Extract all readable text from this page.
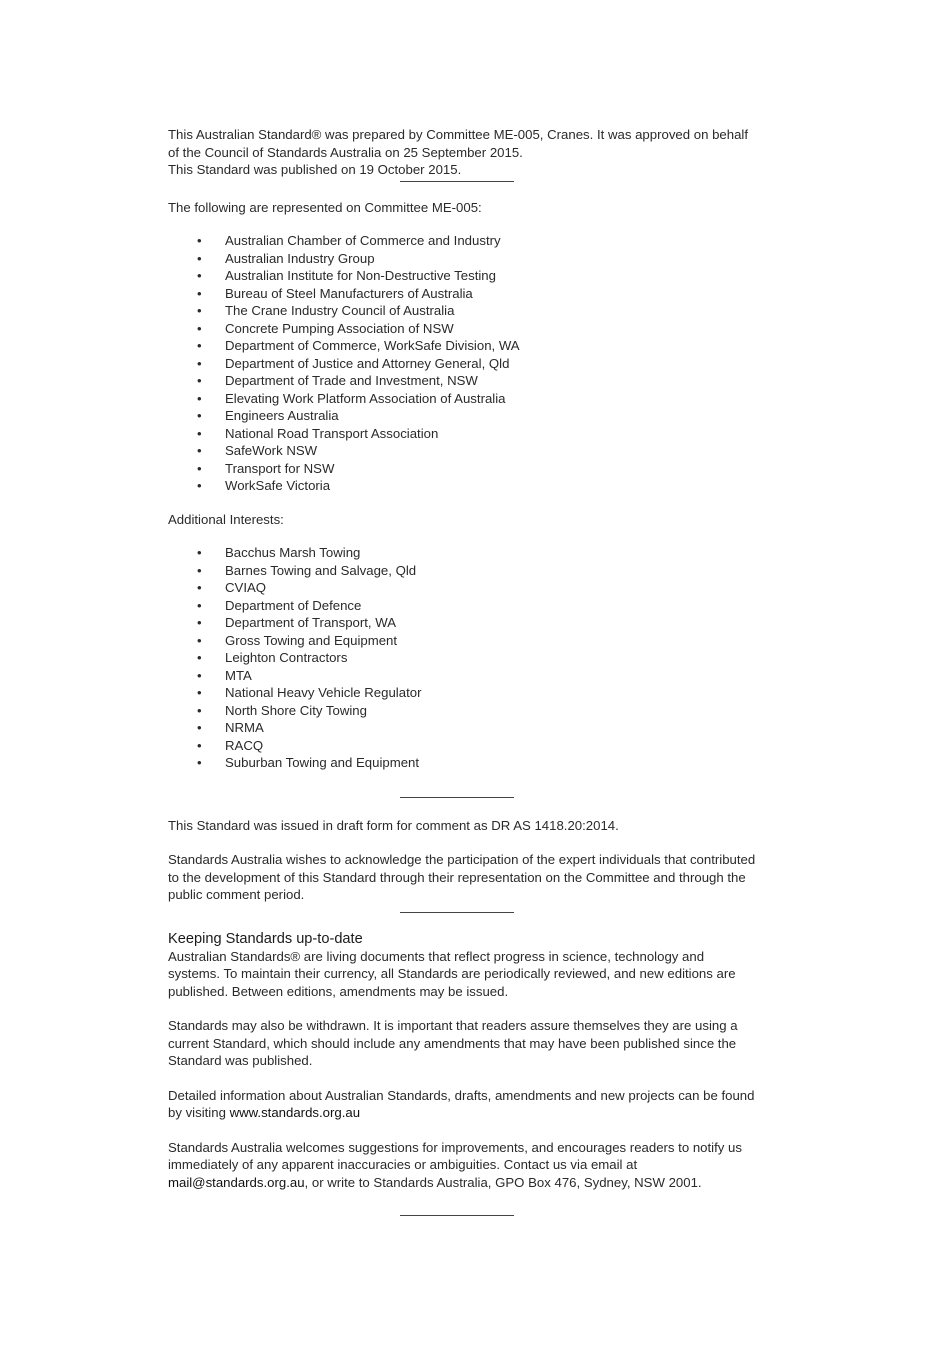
This Australian Standard® was prepared by Committee ME-005, Cranes. It was approved on behalf of the Council of Standards Australia on 25 September 2015.

This Standard was published on 19 October 2015.

The following are represented on Committee ME-005:

• Australian Chamber of Commerce and Industry
• Australian Industry Group
• Australian Institute for Non-Destructive Testing
• Bureau of Steel Manufacturers of Australia
• The Crane Industry Council of Australia
• Concrete Pumping Association of NSW
• Department of Commerce, WorkSafe Division, WA
• Department of Justice and Attorney General, Qld
• Department of Trade and Investment, NSW
• Elevating Work Platform Association of Australia
• Engineers Australia
• National Road Transport Association
• SafeWork NSW
• Transport for NSW
• WorkSafe Victoria

Additional Interests:

• Bacchus Marsh Towing
• Barnes Towing and Salvage, Qld
• CVIAQ
• Department of Defence
• Department of Transport, WA
• Gross Towing and Equipment
• Leighton Contractors
• MTA
• National Heavy Vehicle Regulator
• North Shore City Towing
• NRMA
• RACQ
• Suburban Towing and Equipment

This Standard was issued in draft form for comment as DR AS 1418.20:2014.

Standards Australia wishes to acknowledge the participation of the expert individuals that contributed to the development of this Standard through their representation on the Committee and through the public comment period.

Keeping Standards up-to-date

Australian Standards® are living documents that reflect progress in science, technology and systems. To maintain their currency, all Standards are periodically reviewed, and new editions are published. Between editions, amendments may be issued.

Standards may also be withdrawn. It is important that readers assure themselves they are using a current Standard, which should include any amendments that may have been published since the Standard was published.

Detailed information about Australian Standards, drafts, amendments and new projects can be found by visiting www.standards.org.au

Standards Australia welcomes suggestions for improvements, and encourages readers to notify us immediately of any apparent inaccuracies or ambiguities. Contact us via email at mail@standards.org.au, or write to Standards Australia, GPO Box 476, Sydney, NSW 2001.
